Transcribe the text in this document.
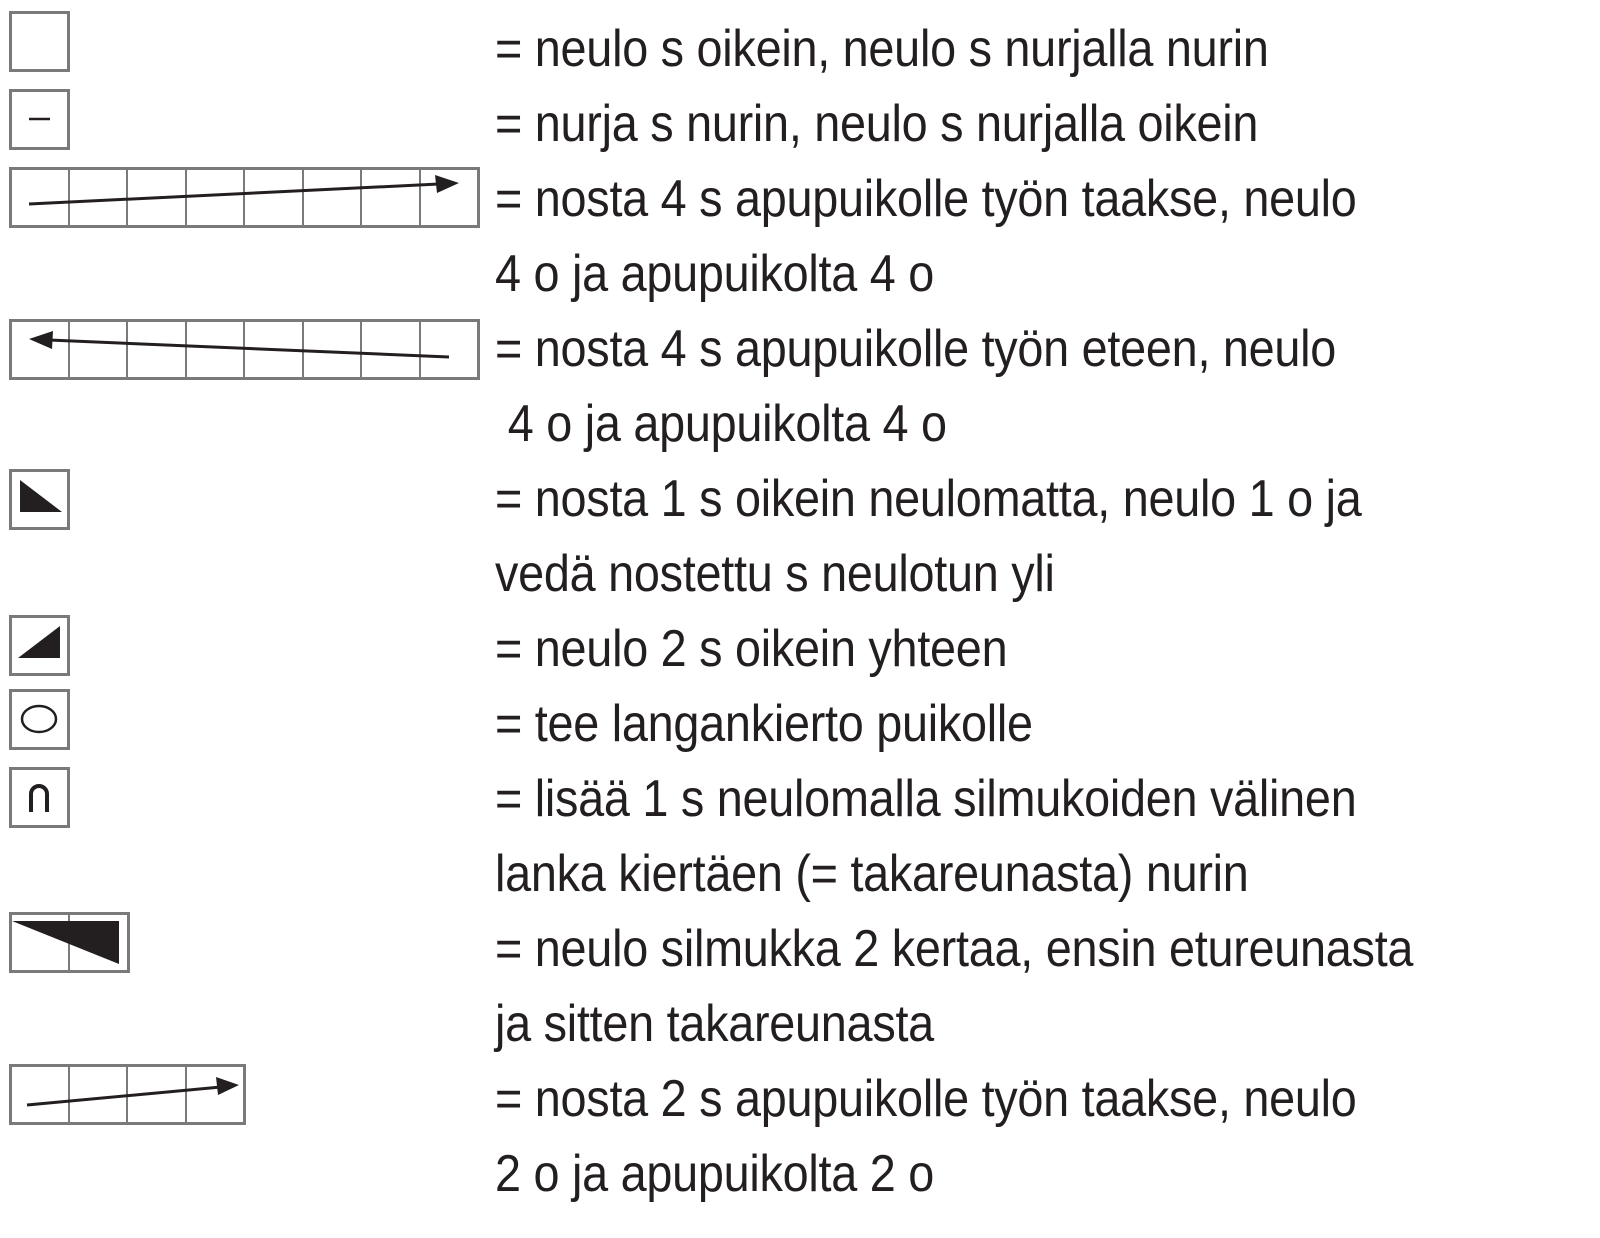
= neulo s oikein, neulo s nurjalla nurin
= nurja s nurin, neulo s nurjalla oikein
= nosta 4 s apupuikolle työn taakse, neulo
4 o ja apupuikolta 4 o
= nosta 4 s apupuikolle työn eteen, neulo
4 o ja apupuikolta 4 o
= nosta 1 s oikein neulomatta, neulo 1 o ja
vedä nostettu s neulotun yli
= neulo 2 s oikein yhteen
= tee langankierto puikolle
= lisää 1 s neulomalla silmukoiden välinen
lanka kiertäen (= takareunasta) nurin
= neulo silmukka 2 kertaa, ensin etureunasta
ja sitten takareunasta
= nosta 2 s apupuikolle työn taakse, neulo
2 o ja apupuikolta 2 o
